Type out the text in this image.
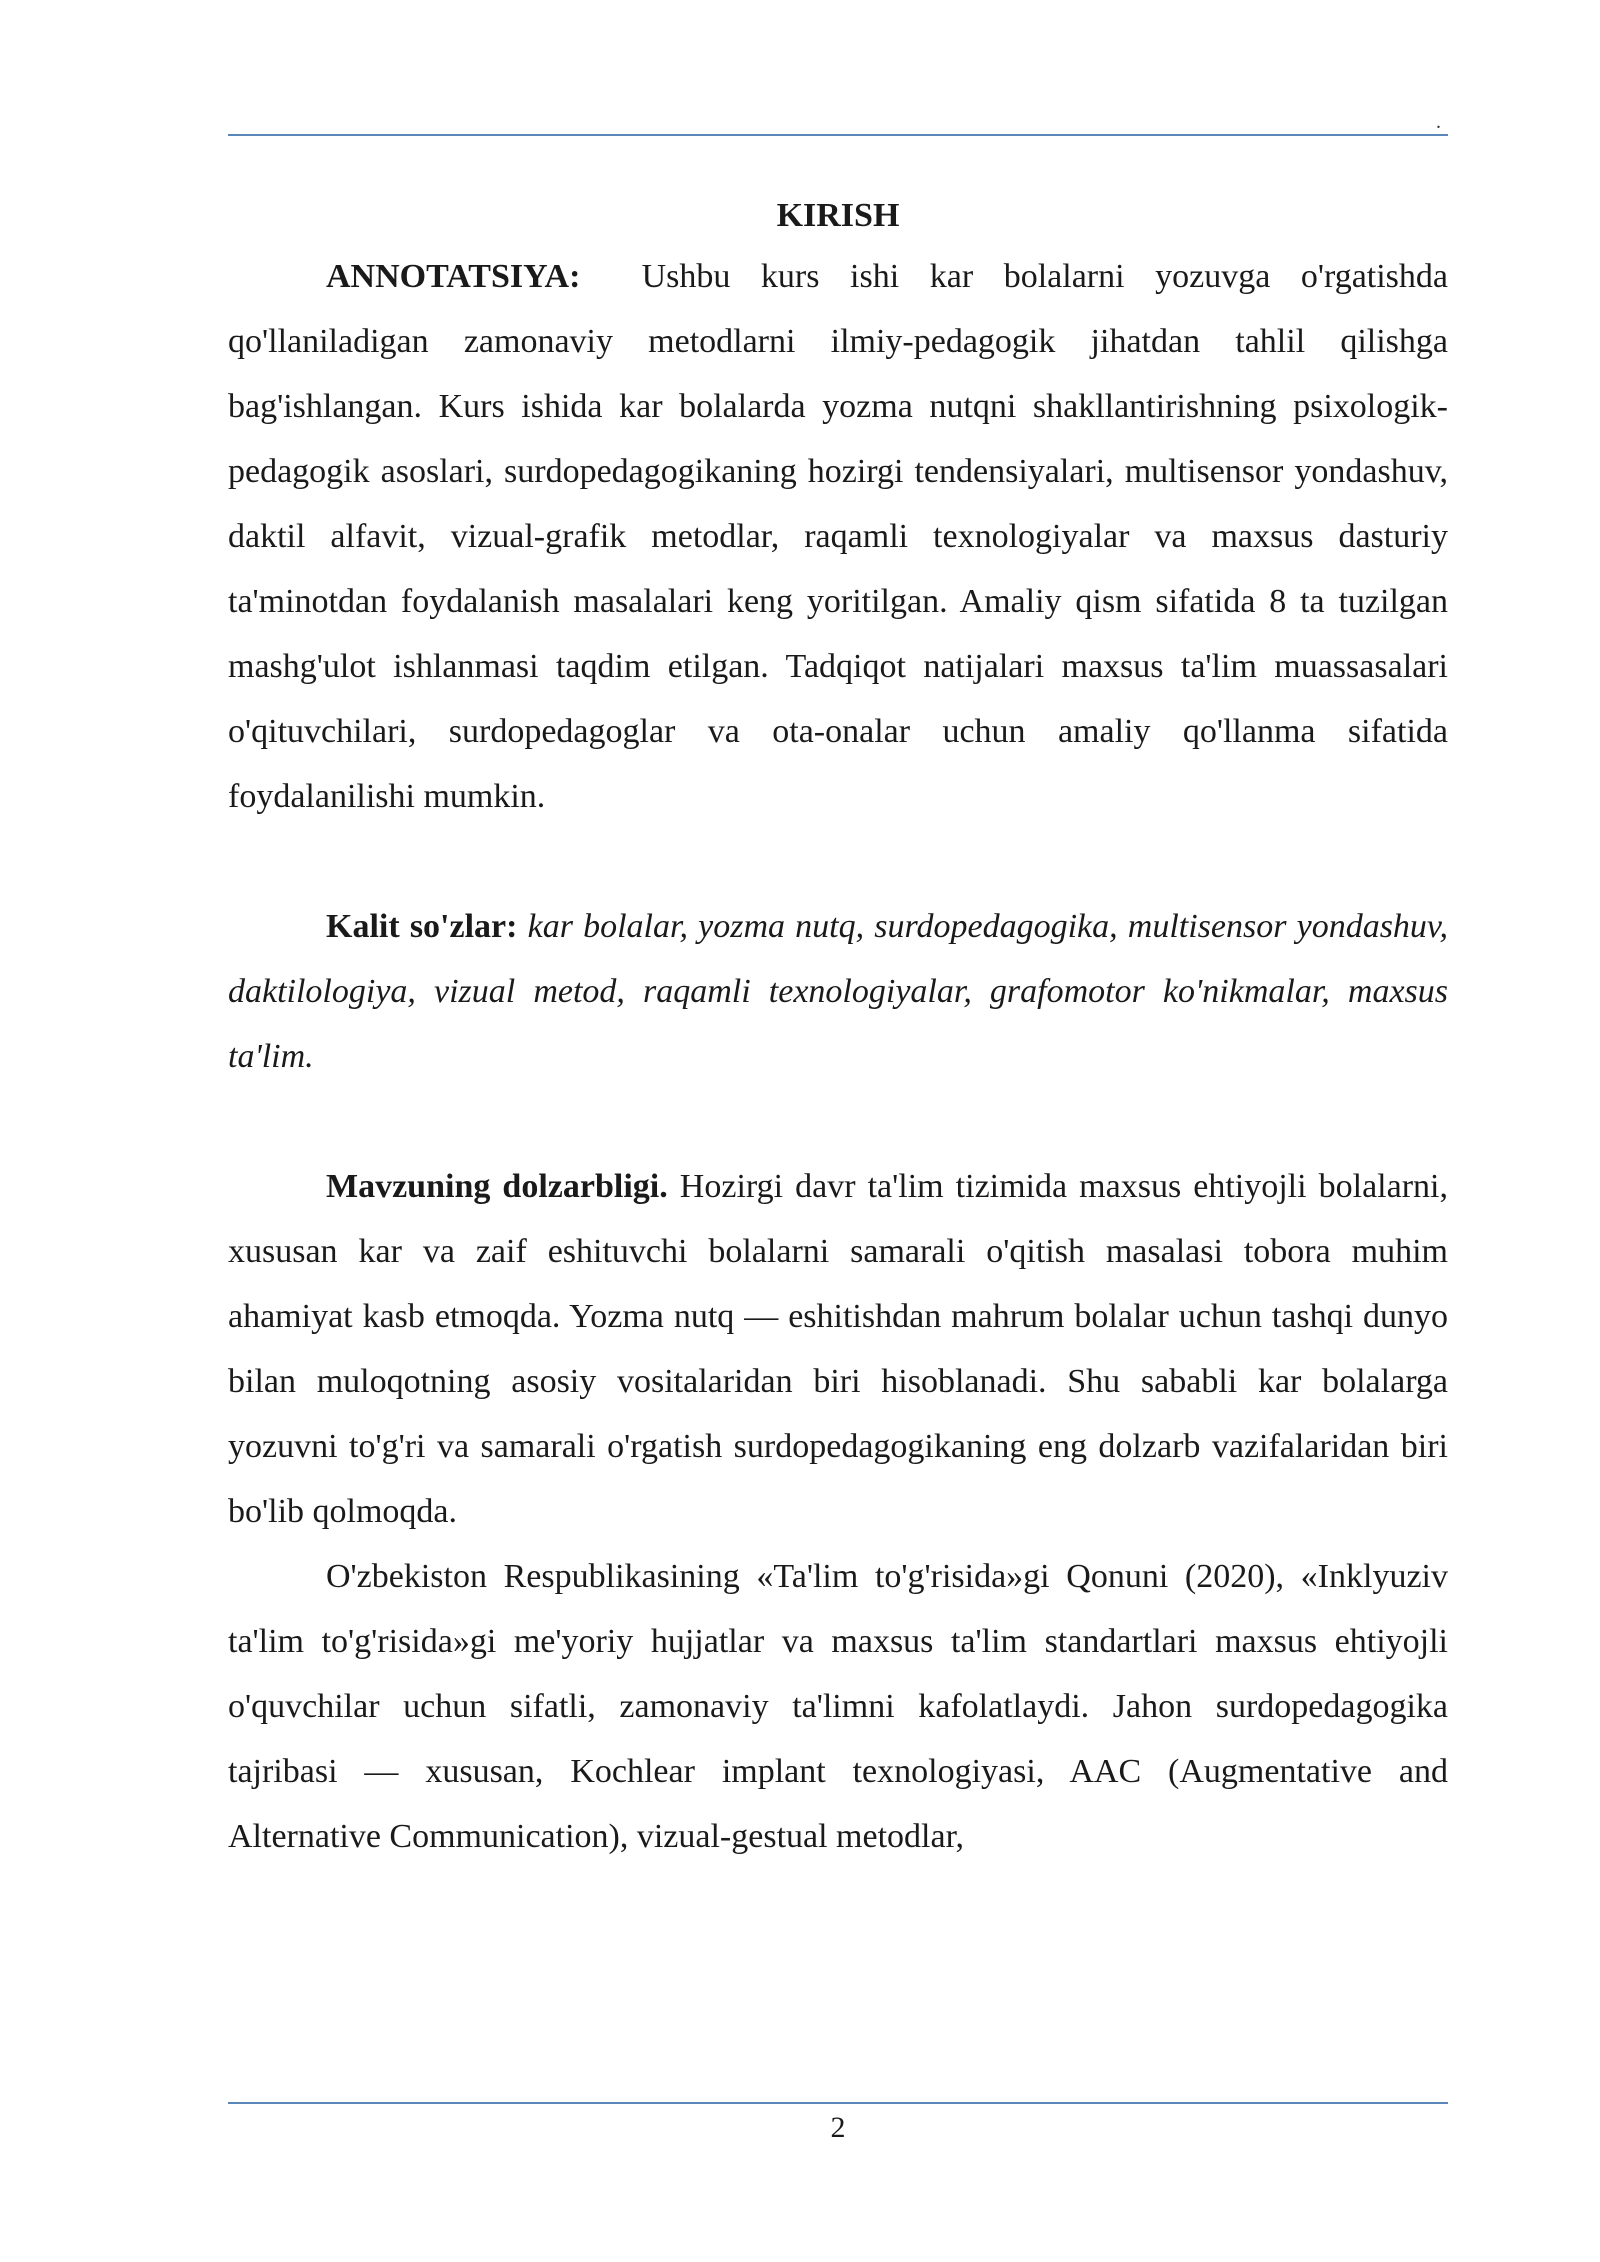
.
KIRISH

ANNOTATSIYA: Ushbu kurs ishi kar bolalarni yozuvga o'rgatishda qo'llaniladigan zamonaviy metodlarni ilmiy-pedagogik jihatdan tahlil qilishga bag'ishlangan. Kurs ishida kar bolalarda yozma nutqni shakllantirishning psixologik-pedagogik asoslari, surdopedagogikaning hozirgi tendensiyalari, multisensor yondashuv, daktil alfavit, vizual-grafik metodlar, raqamli texnologiyalar va maxsus dasturiy ta'minotdan foydalanish masalalari keng yoritilgan. Amaliy qism sifatida 8 ta tuzilgan mashg'ulot ishlanmasi taqdim etilgan. Tadqiqot natijalari maxsus ta'lim muassasalari o'qituvchilari, surdopedagoglar va ota-onalar uchun amaliy qo'llanma sifatida foydalanilishi mumkin.

Kalit so'zlar: kar bolalar, yozma nutq, surdopedagogika, multisensor yondashuv, daktilologiya, vizual metod, raqamli texnologiyalar, grafomotor ko'nikmalar, maxsus ta'lim.

Mavzuning dolzarbligi. Hozirgi davr ta'lim tizimida maxsus ehtiyojli bolalarni, xususan kar va zaif eshituvchi bolalarni samarali o'qitish masalasi tobora muhim ahamiyat kasb etmoqda. Yozma nutq — eshitishdan mahrum bolalar uchun tashqi dunyo bilan muloqotning asosiy vositalaridan biri hisoblanadi. Shu sababli kar bolalarga yozuvni to'g'ri va samarali o'rgatish surdopedagogikaning eng dolzarb vazifalaridan biri bo'lib qolmoqda.

O'zbekiston Respublikasining «Ta'lim to'g'risida»gi Qonuni (2020), «Inklyuziv ta'lim to'g'risida»gi me'yoriy hujjatlar va maxsus ta'lim standartlari maxsus ehtiyojli o'quvchilar uchun sifatli, zamonaviy ta'limni kafolatlaydi. Jahon surdopedagogika tajribasi — xususan, Kochlear implant texnologiyasi, AAC (Augmentative and Alternative Communication), vizual-gestual metodlar,

2
